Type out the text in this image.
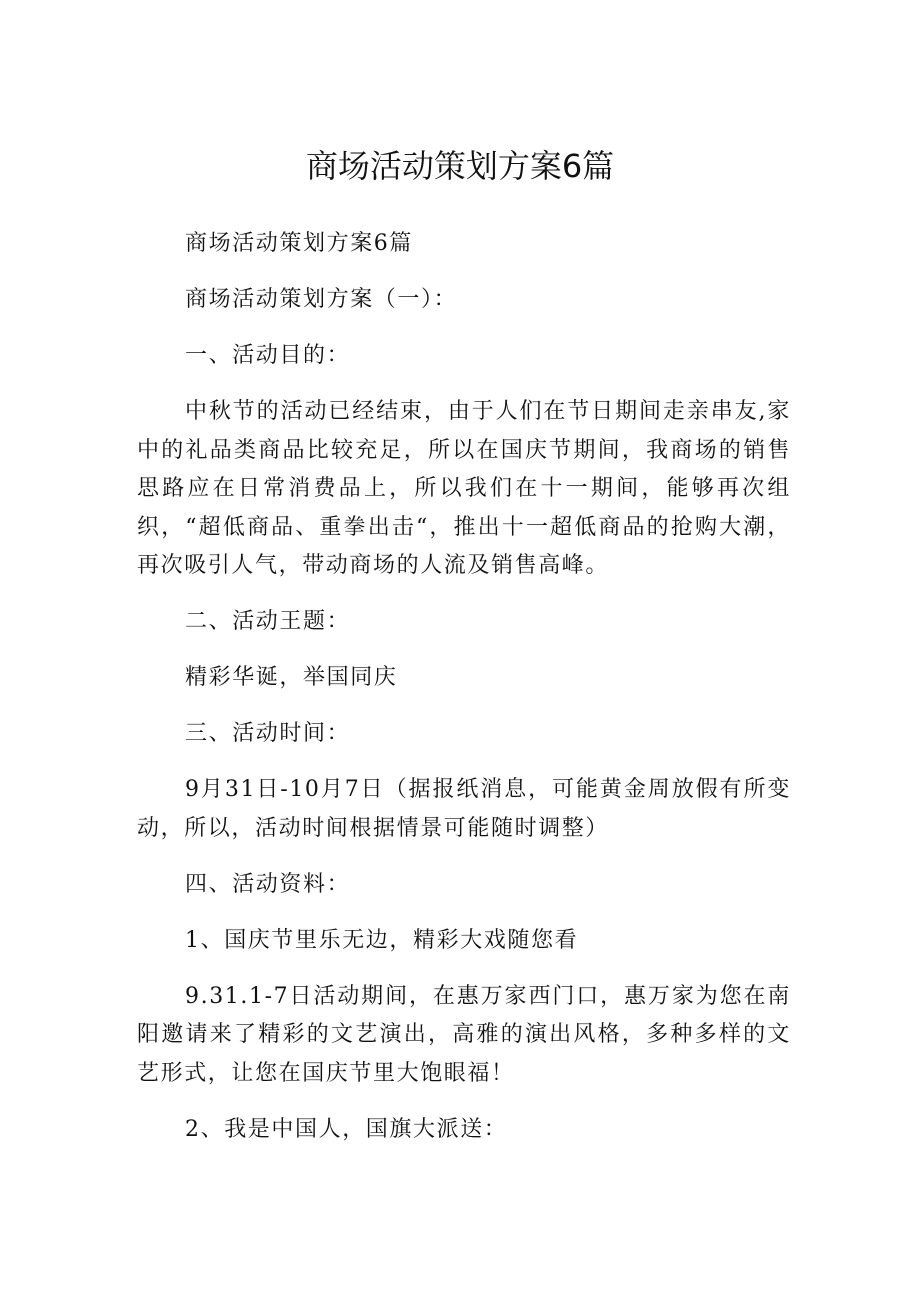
商场活动策划方案6篇

商场活动策划方案6篇

商场活动策划方案（一）：

一、活动目的：

中秋节的活动已经结束，由于人们在节日期间走亲串友,家中的礼品类商品比较充足，所以在国庆节期间，我商场的销售思路应在日常消费品上，所以我们在十一期间，能够再次组织，“超低商品、重拳出击“，推出十一超低商品的抢购大潮，再次吸引人气，带动商场的人流及销售高峰。

二、活动王题：

精彩华诞，举国同庆

三、活动时间：

9月31日-10月7日（据报纸消息，可能黄金周放假有所变动，所以，活动时间根据情景可能随时调整）

四、活动资料：

1、国庆节里乐无边，精彩大戏随您看

9.31.1-7日活动期间，在惠万家西门口，惠万家为您在南阳邀请来了精彩的文艺演出，高雅的演出风格，多种多样的文艺形式，让您在国庆节里大饱眼福！

2、我是中国人，国旗大派送：
